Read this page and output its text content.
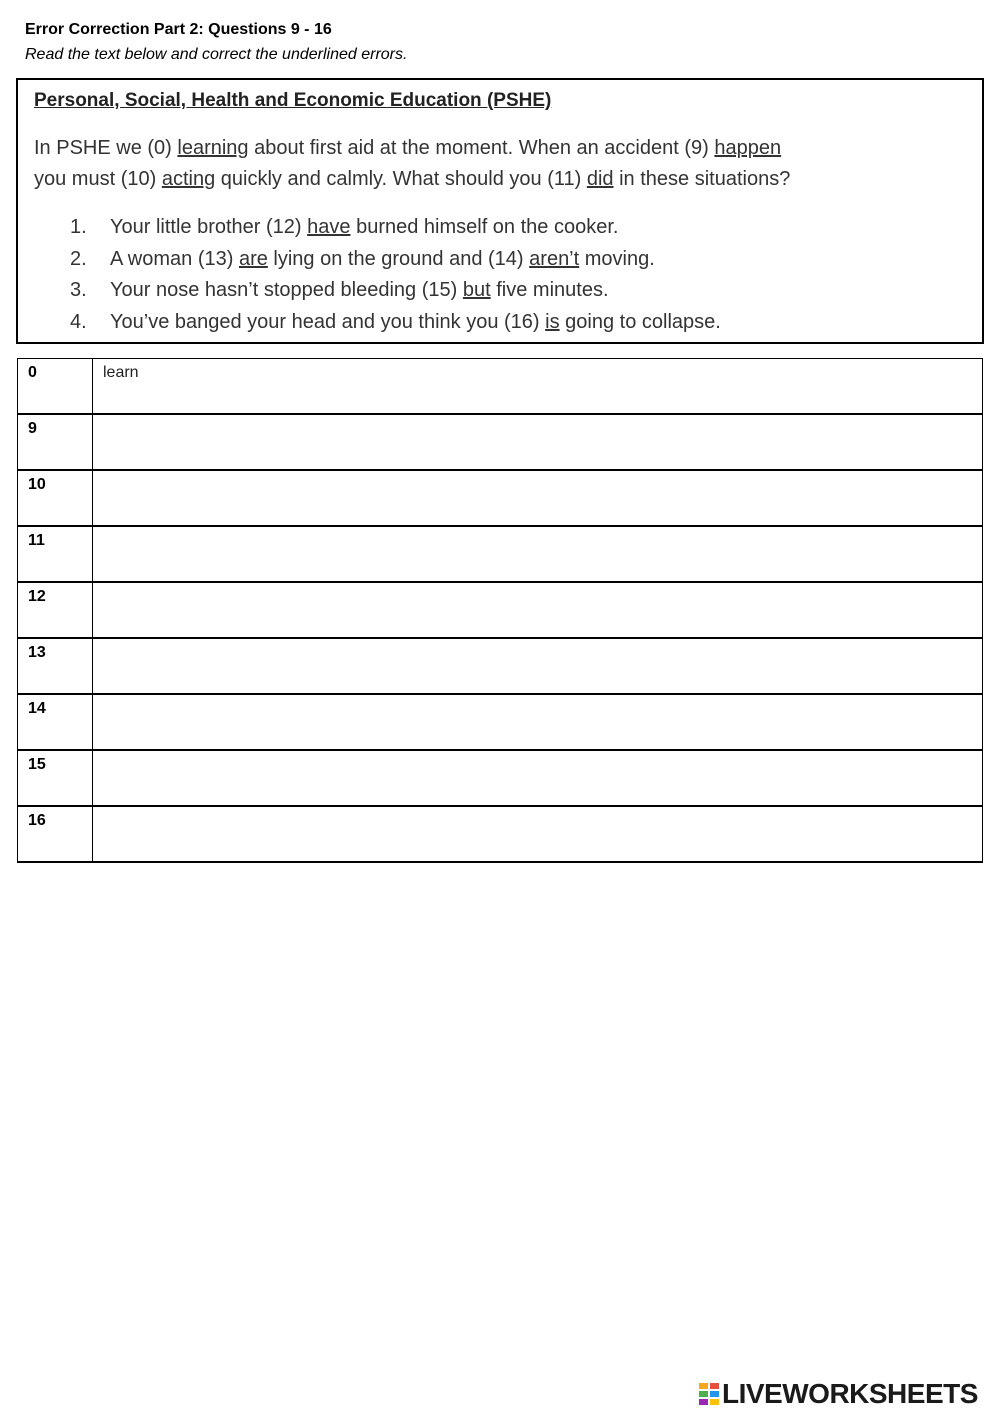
Error Correction Part 2: Questions 9 - 16
Read the text below and correct the underlined errors.
Personal, Social, Health and Economic Education (PSHE)
In PSHE we (0) learning about first aid at the moment. When an accident (9) happen
you must (10) acting quickly and calmly. What should you (11) did in these situations?
1. Your little brother (12) have burned himself on the cooker.
2. A woman (13) are lying on the ground and (14) aren’t moving.
3. Your nose hasn’t stopped bleeding (15) but five minutes.
4. You’ve banged your head and you think you (16) is going to collapse.
0	learn
9	
10	
11	
12	
13	
14	
15	
16	
LIVEWORKSHEETS
